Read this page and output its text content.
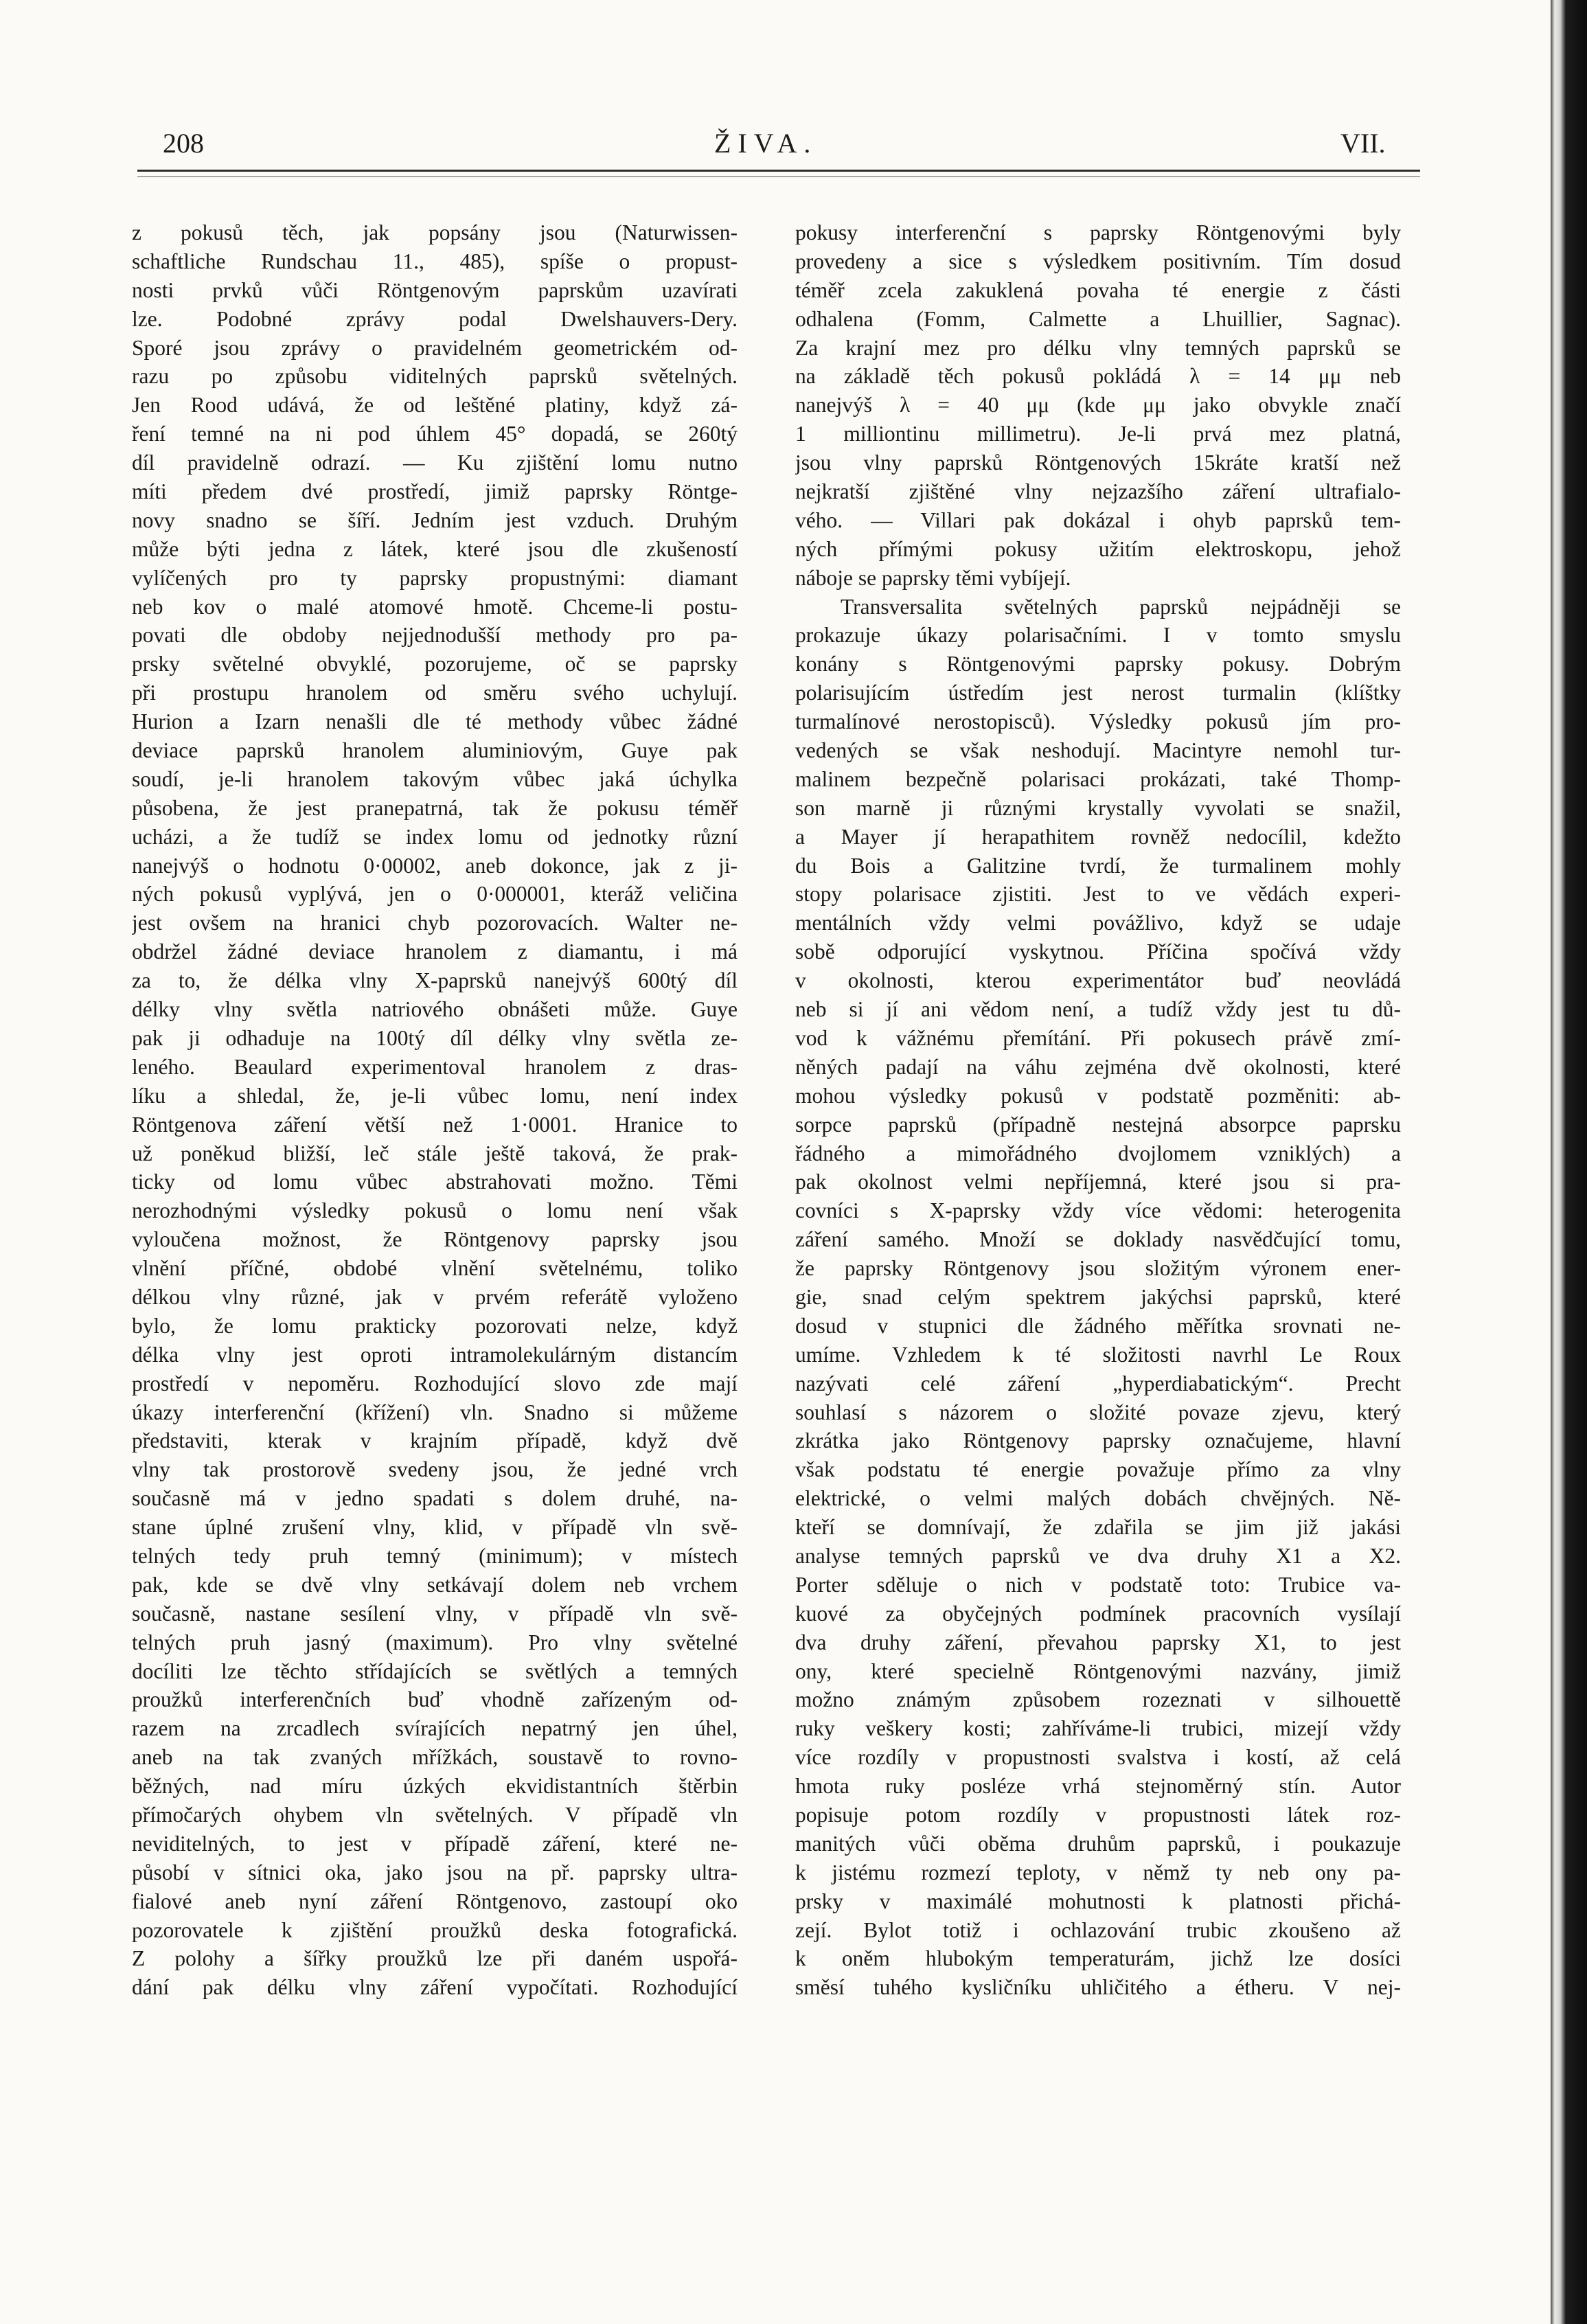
208	ŽIVA.	VII.
z pokusů těch, jak popsány jsou (Naturwissen-
schaftliche Rundschau 11., 485), spíše o propust-
nosti prvků vůči Röntgenovým paprskům uzavírati
lze. Podobné zprávy podal Dwelshauvers-Dery.
Sporé jsou zprávy o pravidelném geometrickém od-
razu po způsobu viditelných paprsků světelných.
Jen Rood udává, že od leštěné platiny, když zá-
ření temné na ni pod úhlem 45° dopadá, se 260tý
díl pravidelně odrazí. — Ku zjištění lomu nutno
míti předem dvé prostředí, jimiž paprsky Röntge-
novy snadno se šíří. Jedním jest vzduch. Druhým
může býti jedna z látek, které jsou dle zkušeností
vylíčených pro ty paprsky propustnými: diamant
neb kov o malé atomové hmotě. Chceme-li postu-
povati dle obdoby nejjednodušší methody pro pa-
prsky světelné obvyklé, pozorujeme, oč se paprsky
při prostupu hranolem od směru svého uchylují.
Hurion a Izarn nenašli dle té methody vůbec žádné
deviace paprsků hranolem aluminiovým, Guye pak
soudí, je-li hranolem takovým vůbec jaká úchylka
působena, že jest pranepatrná, tak že pokusu téměř
ucházi, a že tudíž se index lomu od jednotky různí
nanejvýš o hodnotu 0·00002, aneb dokonce, jak z ji-
ných pokusů vyplývá, jen o 0·000001, kteráž veličina
jest ovšem na hranici chyb pozorovacích. Walter ne-
obdržel žádné deviace hranolem z diamantu, i má
za to, že délka vlny X-paprsků nanejvýš 600tý díl
délky vlny světla natriového obnášeti může. Guye
pak ji odhaduje na 100tý díl délky vlny světla ze-
leného. Beaulard experimentoval hranolem z dras-
líku a shledal, že, je-li vůbec lomu, není index
Röntgenova záření větší než 1·0001. Hranice to
už poněkud bližší, leč stále ještě taková, že prak-
ticky od lomu vůbec abstrahovati možno. Těmi
nerozhodnými výsledky pokusů o lomu není však
vyloučena možnost, že Röntgenovy paprsky jsou
vlnění příčné, obdobé vlnění světelnému, toliko
délkou vlny různé, jak v prvém referátě vyloženo
bylo, že lomu prakticky pozorovati nelze, když
délka vlny jest oproti intramolekulárným distancím
prostředí v nepoměru. Rozhodující slovo zde mají
úkazy interferenční (křížení) vln. Snadno si můžeme
představiti, kterak v krajním případě, když dvě
vlny tak prostorově svedeny jsou, že jedné vrch
současně má v jedno spadati s dolem druhé, na-
stane úplné zrušení vlny, klid, v případě vln svě-
telných tedy pruh temný (minimum); v místech
pak, kde se dvě vlny setkávají dolem neb vrchem
současně, nastane sesílení vlny, v případě vln svě-
telných pruh jasný (maximum). Pro vlny světelné
docíliti lze těchto střídajících se světlých a temných
proužků interferenčních buď vhodně zařízeným od-
razem na zrcadlech svírajících nepatrný jen úhel,
aneb na tak zvaných mřížkách, soustavě to rovno-
běžných, nad míru úzkých ekvidistantních štěrbin
přímočarých ohybem vln světelných. V případě vln
neviditelných, to jest v případě záření, které ne-
působí v sítnici oka, jako jsou na př. paprsky ultra-
fialové aneb nyní záření Röntgenovo, zastoupí oko
pozorovatele k zjištění proužků deska fotografická.
Z polohy a šířky proužků lze při daném uspořá-
dání pak délku vlny záření vypočítati. Rozhodující
pokusy interferenční s paprsky Röntgenovými byly
provedeny a sice s výsledkem positivním. Tím dosud
téměř zcela zakuklená povaha té energie z části
odhalena (Fomm, Calmette a Lhuillier, Sagnac).
Za krajní mez pro délku vlny temných paprsků se
na základě těch pokusů pokládá λ = 14 μμ neb
nanejvýš λ = 40 μμ (kde μμ jako obvykle značí
1 milliontinu millimetru). Je-li prvá mez platná,
jsou vlny paprsků Röntgenových 15kráte kratší než
nejkratší zjištěné vlny nejzazšího záření ultrafialo-
vého. — Villari pak dokázal i ohyb paprsků tem-
ných přímými pokusy užitím elektroskopu, jehož
náboje se paprsky těmi vybíjejí.
Transversalita světelných paprsků nejpádněji se
prokazuje úkazy polarisačními. I v tomto smyslu
konány s Röntgenovými paprsky pokusy. Dobrým
polarisujícím ústředím jest nerost turmalin (klíštky
turmalínové nerostopisců). Výsledky pokusů jím pro-
vedených se však neshodují. Macintyre nemohl tur-
malinem bezpečně polarisaci prokázati, také Thomp-
son marně ji různými krystally vyvolati se snažil,
a Mayer jí herapathitem rovněž nedocílil, kdežto
du Bois a Galitzine tvrdí, že turmalinem mohly
stopy polarisace zjistiti. Jest to ve vědách experi-
mentálních vždy velmi povážlivo, když se udaje
sobě odporující vyskytnou. Příčina spočívá vždy
v okolnosti, kterou experimentátor buď neovládá
neb si jí ani vědom není, a tudíž vždy jest tu dů-
vod k vážnému přemítání. Při pokusech právě zmí-
něných padají na váhu zejména dvě okolnosti, které
mohou výsledky pokusů v podstatě pozměniti: ab-
sorpce paprsků (případně nestejná absorpce paprsku
řádného a mimořádného dvojlomem vzniklých) a
pak okolnost velmi nepříjemná, které jsou si pra-
covníci s X-paprsky vždy více vědomi: heterogenita
záření samého. Množí se doklady nasvědčující tomu,
že paprsky Röntgenovy jsou složitým výronem ener-
gie, snad celým spektrem jakýchsi paprsků, které
dosud v stupnici dle žádného měřítka srovnati ne-
umíme. Vzhledem k té složitosti navrhl Le Roux
nazývati celé záření „hyperdiabatickým“. Precht
souhlasí s názorem o složité povaze zjevu, který
zkrátka jako Röntgenovy paprsky označujeme, hlavní
však podstatu té energie považuje přímo za vlny
elektrické, o velmi malých dobách chvějných. Ně-
kteří se domnívají, že zdařila se jim již jakási
analyse temných paprsků ve dva druhy X1 a X2.
Porter sděluje o nich v podstatě toto: Trubice va-
kuové za obyčejných podmínek pracovních vysílají
dva druhy záření, převahou paprsky X1, to jest
ony, které specielně Röntgenovými nazvány, jimiž
možno známým způsobem rozeznati v silhouettě
ruky veškery kosti; zahříváme-li trubici, mizejí vždy
více rozdíly v propustnosti svalstva i kostí, až celá
hmota ruky posléze vrhá stejnoměrný stín. Autor
popisuje potom rozdíly v propustnosti látek roz-
manitých vůči oběma druhům paprsků, i poukazuje
k jistému rozmezí teploty, v němž ty neb ony pa-
prsky v maximálé mohutnosti k platnosti přichá-
zejí. Bylot totiž i ochlazování trubic zkoušeno až
k oněm hlubokým temperaturám, jichž lze dosíci
směsí tuhého kysličníku uhličitého a étheru. V nej-
